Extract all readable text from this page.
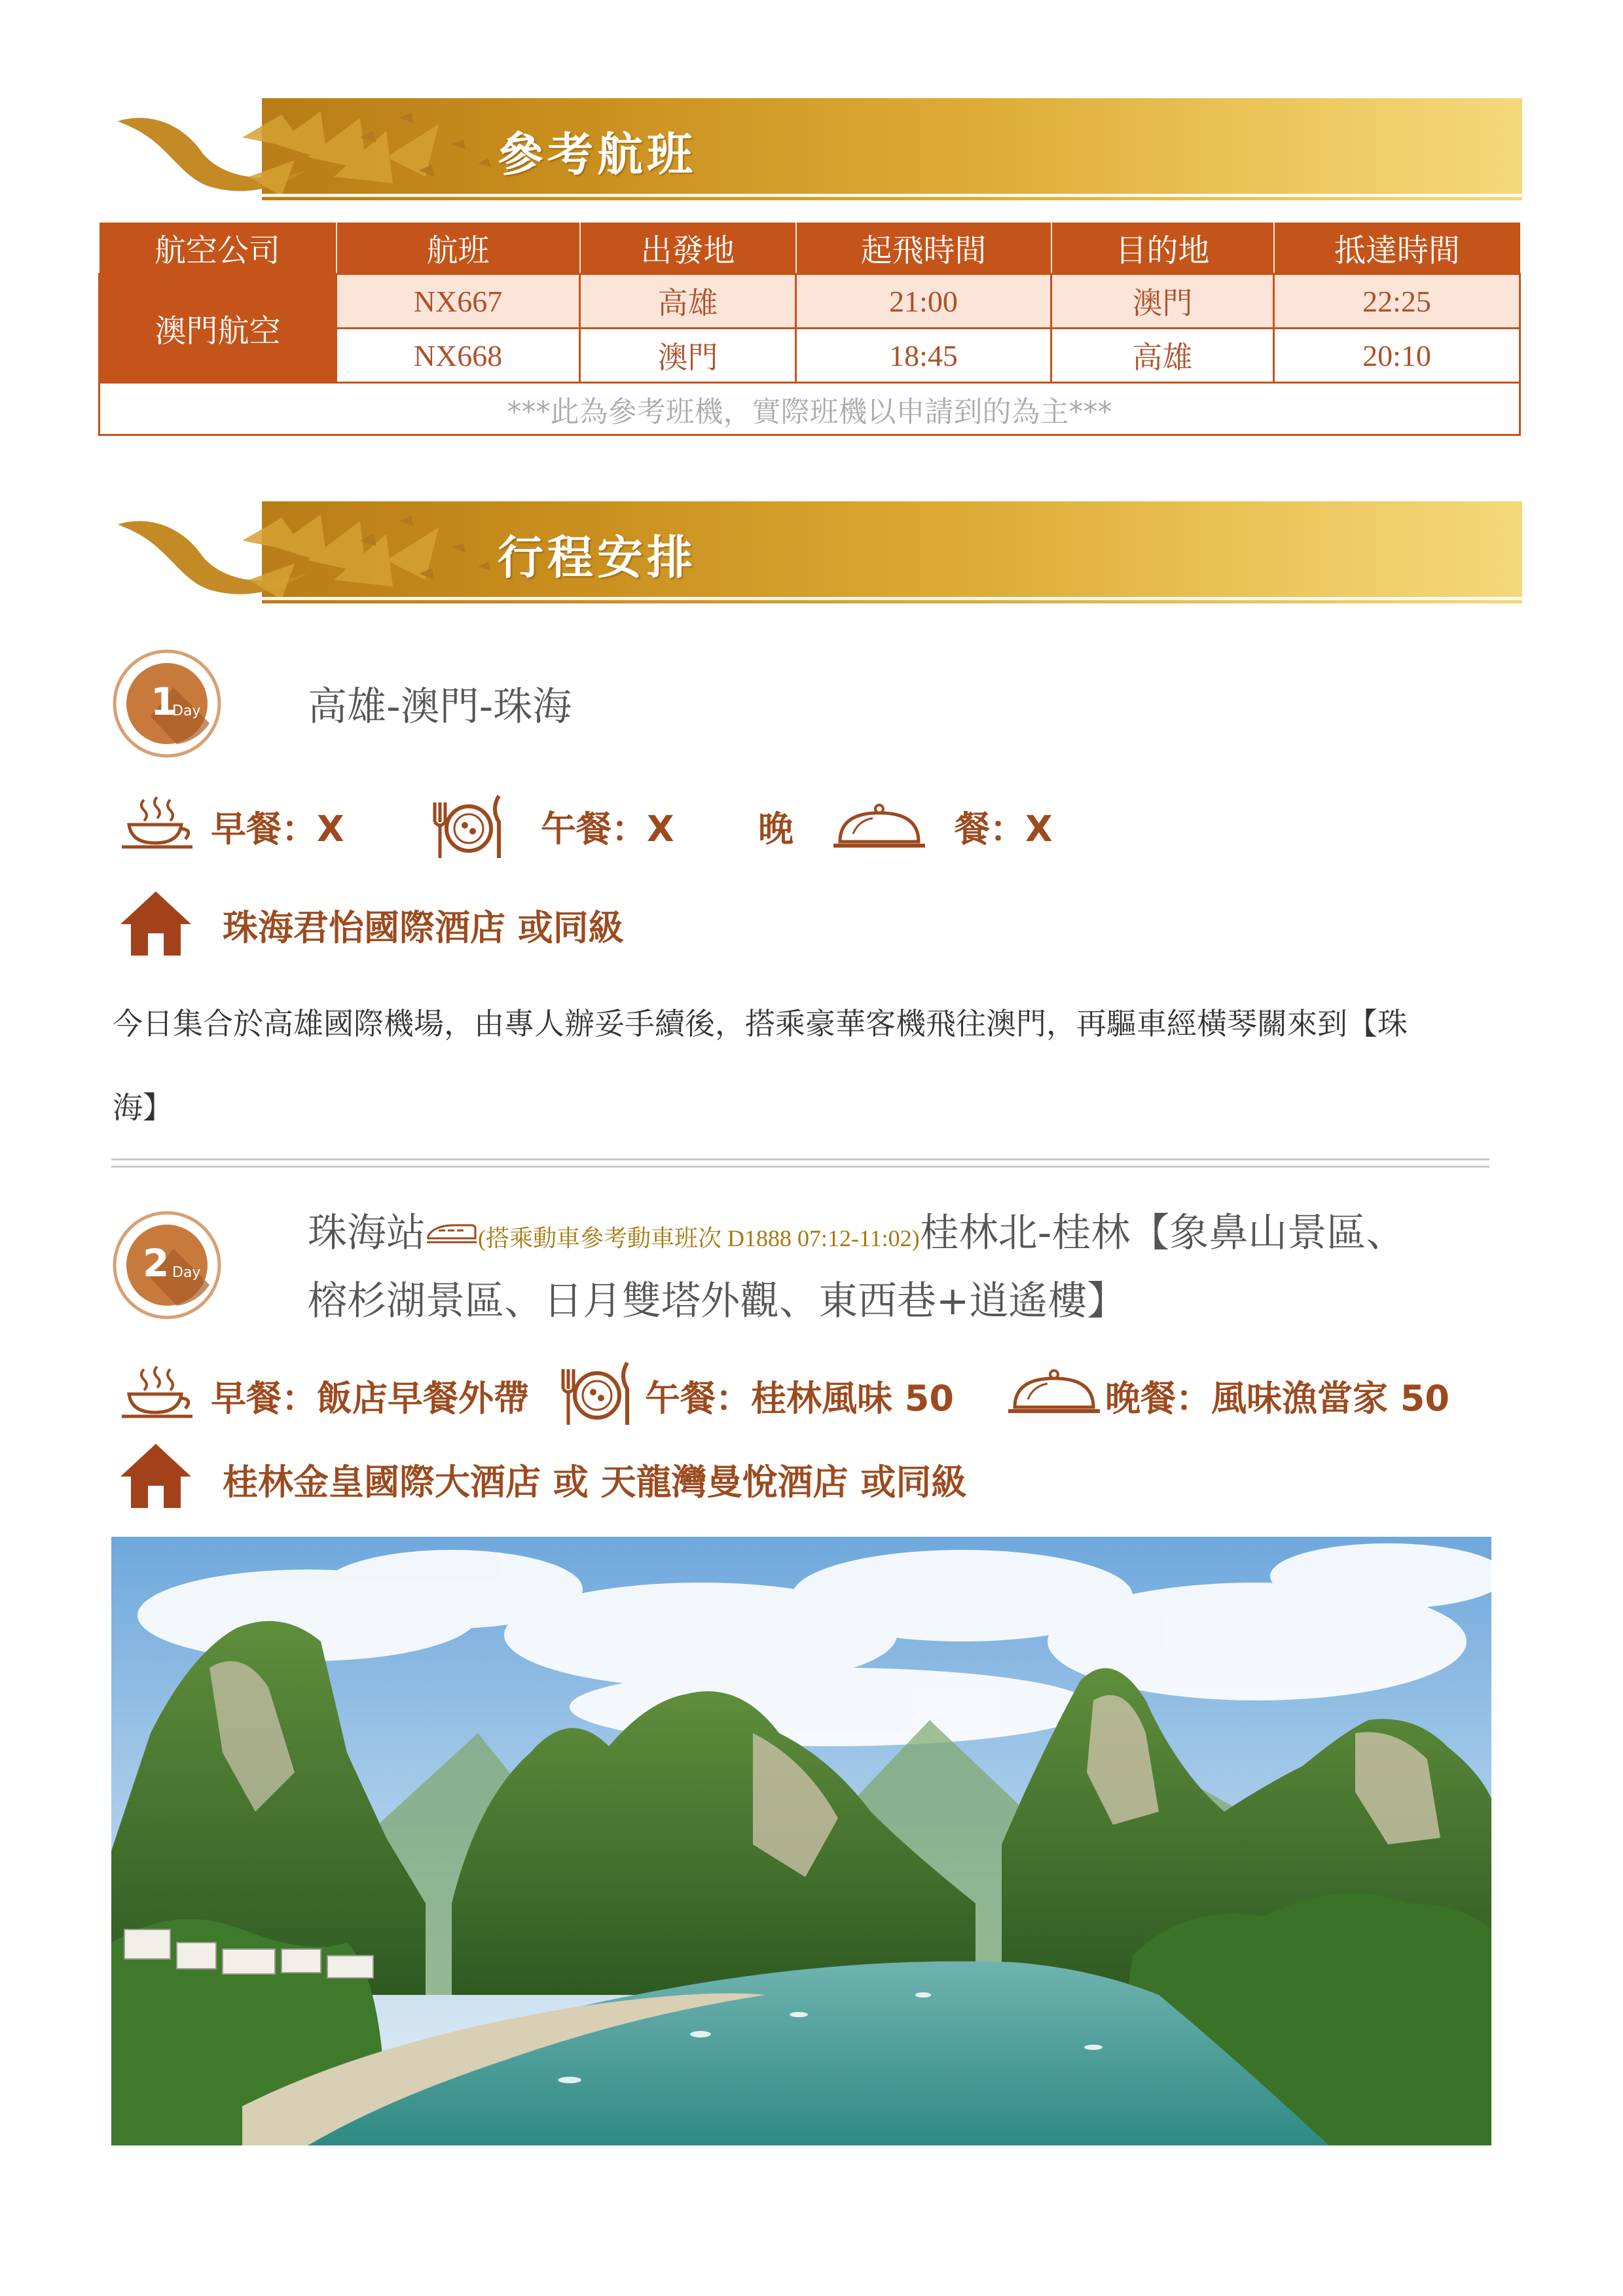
參考航班
航空公司	航班	出發地	起飛時間	目的地	抵達時間
澳門航空	NX667	高雄	21:00	澳門	22:25
	NX668	澳門	18:45	高雄	20:10
***此為參考班機，實際班機以申請到的為主***					
行程安排
1
Day	高雄-澳門-珠海
早餐：X	午餐：X 晚	餐：X
珠海君怡國際酒店 或同級
今日集合於高雄國際機場，由專人辦妥手續後，搭乘豪華客機飛往澳門，再驅車經橫琴關來到【珠
海】
2 Day
珠海站 (搭乘動車參考動車班次 D1888 07:12-11:02)桂林北-桂林【象鼻山景區、
榕杉湖景區、日月雙塔外觀、東西巷+逍遙樓】
早餐：飯店早餐外帶	午餐：桂林風味 50	晚餐：風味漁當家 50
桂林金皇國際大酒店 或 天龍灣曼悅酒店 或同級
